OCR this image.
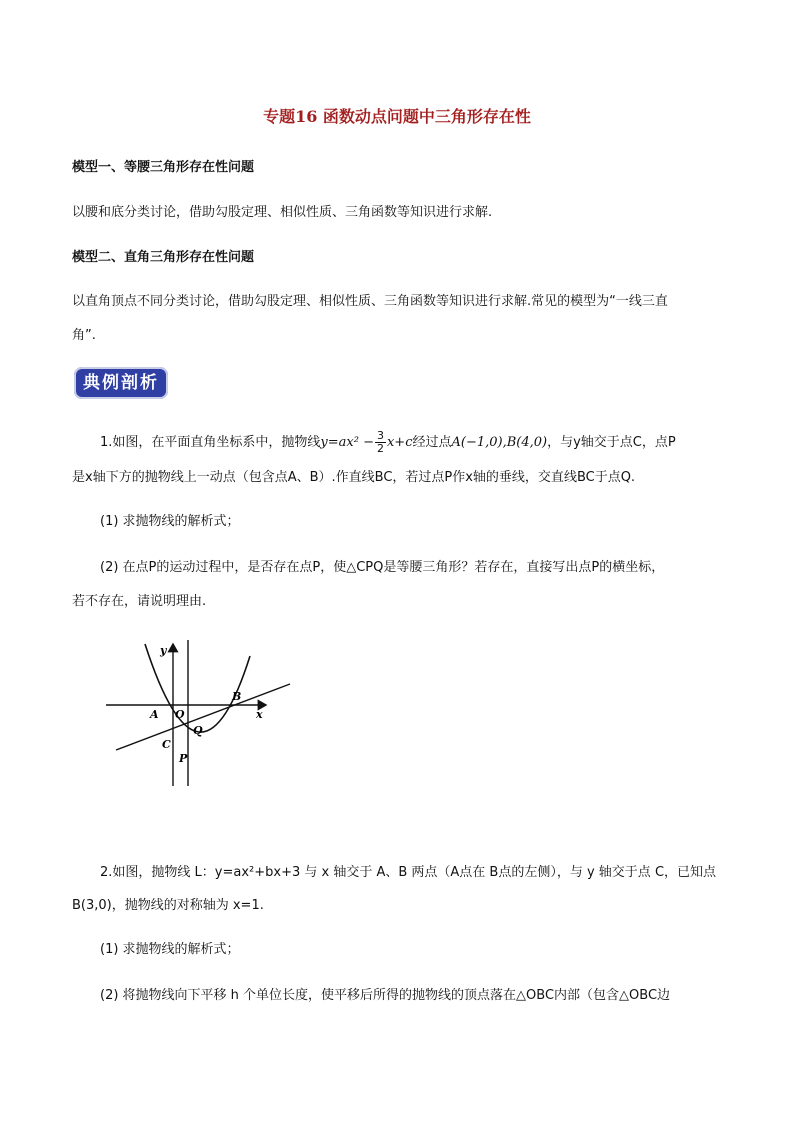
专题16 函数动点问题中三角形存在性
模型一、等腰三角形存在性问题
以腰和底分类讨论，借助勾股定理、相似性质、三角函数等知识进行求解.
模型二、直角三角形存在性问题
以直角顶点不同分类讨论，借助勾股定理、相似性质、三角函数等知识进行求解.常见的模型为“一线三直
角”.
典例剖析
1.如图，在平面直角坐标系中，抛物线$y=ax^2 - \frac{3}{2} x+c$经过点A(−1,0),B(4,0)，与y轴交于点C，点P
是x轴下方的抛物线上一动点（包含点A、B）.作直线BC，若过点P作x轴的垂线，交直线BC于点Q.
(1) 求抛物线的解析式；
(2) 在点P的运动过程中，是否存在点P，使△CPQ是等腰三角形？若存在，直接写出点P的横坐标，
若不存在，请说明理由.
y
x
O
A
B
C
Q
P
2.如图，抛物线 L：y=ax²+bx+3 与 x 轴交于 A、B 两点（A点在 B点的左侧），与 y 轴交于点 C，已知点
B(3,0)，抛物线的对称轴为 x=1.
(1) 求抛物线的解析式；
(2) 将抛物线向下平移 h 个单位长度，使平移后所得的抛物线的顶点落在△OBC内部（包含△OBC边
